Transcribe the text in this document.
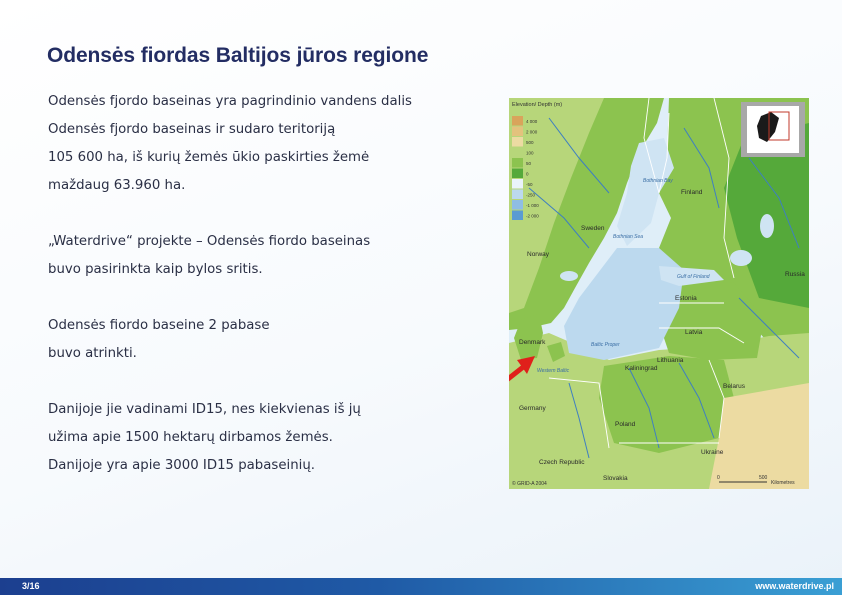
Odensės fiordas Baltijos jūros regione
Odensės fjordo baseinas yra pagrindinio vandens dalis
Odensės fjordo baseinas ir sudaro teritoriją
105 600 ha, iš kurių žemės ūkio paskirties žemė
maždaug 63.960 ha.
„Waterdrive“ projekte – Odensės fiordo baseinas
buvo pasirinkta kaip bylos sritis.
Odensės fiordo baseine 2 pabase
buvo atrinkti.
Danijoje jie vadinami ID15, nes kiekvienas iš jų
užima apie 1500 hektarų dirbamos žemės.
Danijoje yra apie 3000 ID15 pabaseinių.
Elevation/ Depth (m)
4 000
2 000
500
100
50
0
-50
-250
-1 000
-2 000
0	500
Kilometres
© GRID-A 2004
Finland
Sweden
Norway
Russia
Estonia
Latvia
Lithuania
Denmark
Kaliningrad
Belarus
Germany
Poland
Ukraine
Czech Republic
Slovakia
Bothnian Sea
Bothnian Bay
Gulf of Finland
Baltic Proper
Western Baltic
3/16	www.waterdrive.pl
